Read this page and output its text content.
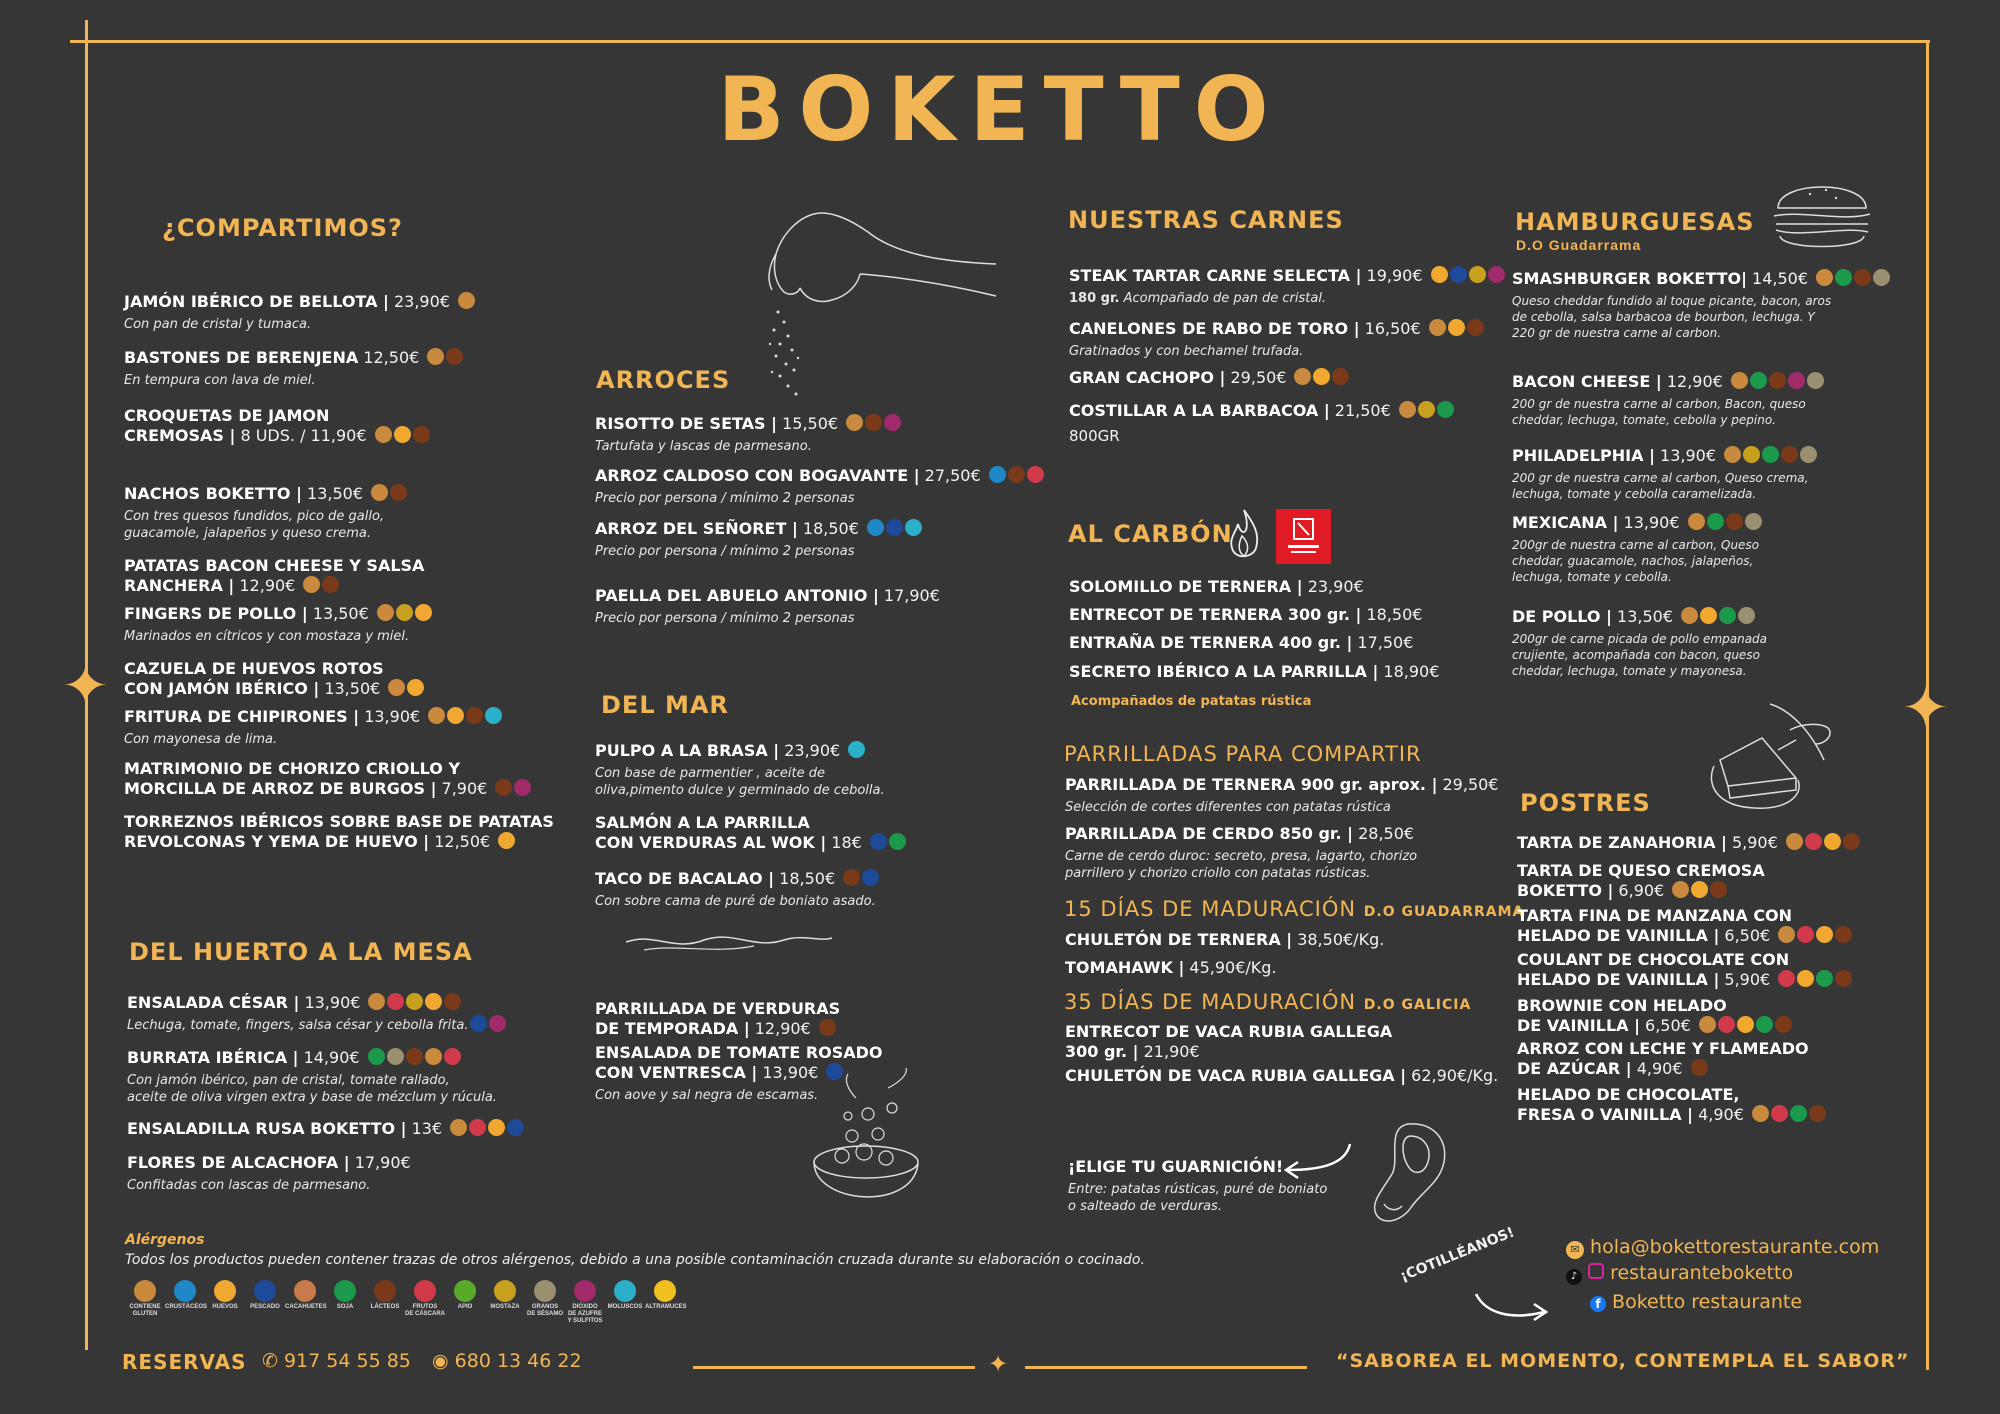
✦	✦
BOKETTO
¿COMPARTIMOS?
ARROCES
DEL MAR
DEL HUERTO A LA MESA
NUESTRAS CARNES
AL CARBÓN
PARRILLADAS PARA COMPARTIR
15 DÍAS DE MADURACIÓN D.O GUADARRAMA
35 DÍAS DE MADURACIÓN D.O GALICIA
HAMBURGUESAS
D.O Guadarrama
POSTRES
JAMÓN IBÉRICO DE BELLOTA | 23,90€
Con pan de cristal y tumaca.
BASTONES DE BERENJENA 12,50€
En tempura con lava de miel.
CROQUETAS DE JAMON
CREMOSAS | 8 UDS. / 11,90€
NACHOS BOKETTO | 13,50€
Con tres quesos fundidos, pico de gallo,
guacamole, jalapeños y queso crema.
PATATAS BACON CHEESE Y SALSA
RANCHERA | 12,90€
FINGERS DE POLLO | 13,50€
Marinados en cítricos y con mostaza y miel.
CAZUELA DE HUEVOS ROTOS
CON JAMÓN IBÉRICO | 13,50€
FRITURA DE CHIPIRONES | 13,90€
Con mayonesa de lima.
MATRIMONIO DE CHORIZO CRIOLLO Y
MORCILLA DE ARROZ DE BURGOS | 7,90€
TORREZNOS IBÉRICOS SOBRE BASE DE PATATAS
REVOLCONAS Y YEMA DE HUEVO | 12,50€
RISOTTO DE SETAS | 15,50€
Tartufata y lascas de parmesano.
ARROZ CALDOSO CON BOGAVANTE | 27,50€
Precio por persona / mínimo 2 personas
ARROZ DEL SEÑORET | 18,50€
Precio por persona / mínimo 2 personas
PAELLA DEL ABUELO ANTONIO | 17,90€
Precio por persona / mínimo 2 personas
PULPO A LA BRASA | 23,90€
Con base de parmentier , aceite de
oliva,pimento dulce y germinado de cebolla.
SALMÓN A LA PARRILLA
CON VERDURAS AL WOK | 18€
TACO DE BACALAO | 18,50€
Con sobre cama de puré de boniato asado.
PARRILLADA DE VERDURAS
DE TEMPORADA | 12,90€
ENSALADA DE TOMATE ROSADO
CON VENTRESCA | 13,90€
Con aove y sal negra de escamas.
ENSALADA CÉSAR | 13,90€
Lechuga, tomate, fingers, salsa césar y cebolla frita.
BURRATA IBÉRICA | 14,90€
Con jamón ibérico, pan de cristal, tomate rallado,
aceite de oliva virgen extra y base de mézclum y rúcula.
ENSALADILLA RUSA BOKETTO | 13€
FLORES DE ALCACHOFA | 17,90€
Confitadas con lascas de parmesano.
STEAK TARTAR CARNE SELECTA | 19,90€
180 gr. Acompañado de pan de cristal.
CANELONES DE RABO DE TORO | 16,50€
Gratinados y con bechamel trufada.
GRAN CACHOPO | 29,50€
COSTILLAR A LA BARBACOA | 21,50€
800GR
SOLOMILLO DE TERNERA | 23,90€
ENTRECOT DE TERNERA 300 gr. | 18,50€
ENTRAÑA DE TERNERA 400 gr. | 17,50€
SECRETO IBÉRICO A LA PARRILLA | 18,90€
PARRILLADA DE TERNERA 900 gr. aprox. | 29,50€
Selección de cortes diferentes con patatas rústica
PARRILLADA DE CERDO 850 gr. | 28,50€
Carne de cerdo duroc: secreto, presa, lagarto, chorizo
parrillero y chorizo criollo con patatas rústicas.
CHULETÓN DE TERNERA | 38,50€/Kg.
TOMAHAWK | 45,90€/Kg.
ENTRECOT DE VACA RUBIA GALLEGA
300 gr. | 21,90€
CHULETÓN DE VACA RUBIA GALLEGA | 62,90€/Kg.
SMASHBURGER BOKETTO| 14,50€
Queso cheddar fundido al toque picante, bacon, aros
de cebolla, salsa barbacoa de bourbon, lechuga. Y
220 gr de nuestra carne al carbon.
BACON CHEESE | 12,90€
200 gr de nuestra carne al carbon, Bacon, queso
cheddar, lechuga, tomate, cebolla y pepino.
PHILADELPHIA | 13,90€
200 gr de nuestra carne al carbon, Queso crema,
lechuga, tomate y cebolla caramelizada.
MEXICANA | 13,90€
200gr de nuestra carne al carbon, Queso
cheddar, guacamole, nachos, jalapeños,
lechuga, tomate y cebolla.
DE POLLO | 13,50€
200gr de carne picada de pollo empanada
crujiente, acompañada con bacon, queso
cheddar, lechuga, tomate y mayonesa.
TARTA DE ZANAHORIA | 5,90€
TARTA DE QUESO CREMOSA
BOKETTO | 6,90€
TARTA FINA DE MANZANA CON
HELADO DE VAINILLA | 6,50€
COULANT DE CHOCOLATE CON
HELADO DE VAINILLA | 5,90€
BROWNIE CON HELADO
DE VAINILLA | 6,50€
ARROZ CON LECHE Y FLAMEADO
DE AZÚCAR | 4,90€
HELADO DE CHOCOLATE,
FRESA O VAINILLA | 4,90€
Acompañados de patatas rústica
¡ELIGE TU GUARNICIÓN!
Entre: patatas rústicas, puré de boniato
o salteado de verduras.
Alérgenos
Todos los productos pueden contener trazas de otros alérgenos, debido a una posible contaminación cruzada durante su elaboración o cocinado.
CONTIENE
GLUTEN
CRUSTÁCEOS HUEVOS	PESCADO CACAHUETES	SOJA	LÁCTEOS	FRUTOS
DE CÁSCARA
APIO	MOSTAZA	GRANOS
DE SÉSAMO
DIÓXIDO
DE AZUFRE
Y SULFITOS
MOLUSCOS ALTRAMUCES
RESERVAS ✆ 917 54 55 85 ◉ 680 13 46 22	✦	“SABOREA EL MOMENTO, CONTEMPLA EL SABOR”
¡COTILLÉANOS!	✉ hola@bokettorestaurante.com
♪ restauranteboketto
f Boketto restaurante
